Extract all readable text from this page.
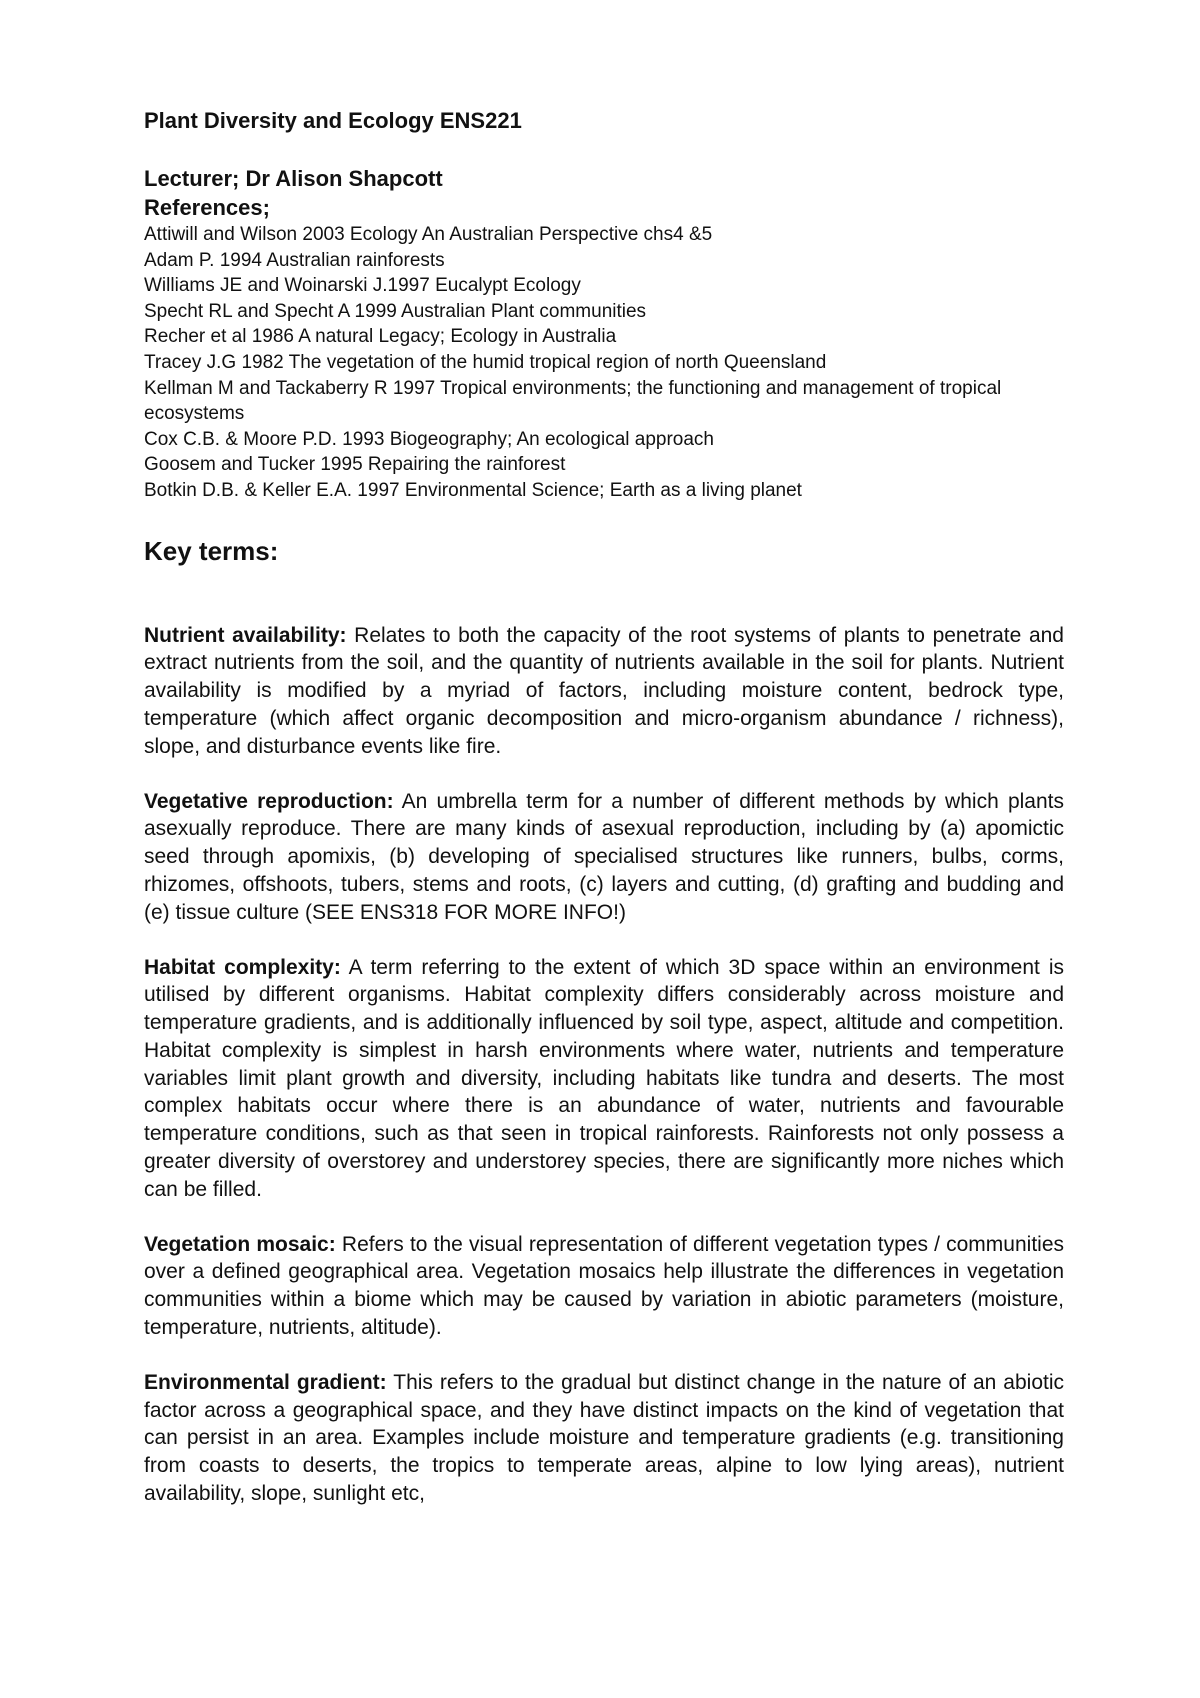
Plant Diversity and Ecology ENS221
Lecturer; Dr Alison Shapcott
References;
Attiwill and Wilson 2003 Ecology An Australian Perspective chs4 &5
Adam P. 1994 Australian rainforests
Williams JE and Woinarski J.1997 Eucalypt Ecology
Specht RL and Specht A 1999 Australian Plant communities
Recher et al 1986 A natural Legacy; Ecology in Australia
Tracey J.G 1982 The vegetation of the humid tropical region of north Queensland
Kellman M and Tackaberry R 1997 Tropical environments; the functioning and management of tropical ecosystems
Cox C.B. & Moore P.D. 1993 Biogeography; An ecological approach
Goosem and Tucker 1995 Repairing the rainforest
Botkin D.B. & Keller E.A. 1997 Environmental Science; Earth as a living planet
Key terms:

Nutrient availability: Relates to both the capacity of the root systems of plants to penetrate and extract nutrients from the soil, and the quantity of nutrients available in the soil for plants. Nutrient availability is modified by a myriad of factors, including moisture content, bedrock type, temperature (which affect organic decomposition and micro-organism abundance / richness), slope, and disturbance events like fire.

Vegetative reproduction: An umbrella term for a number of different methods by which plants asexually reproduce. There are many kinds of asexual reproduction, including by (a) apomictic seed through apomixis, (b) developing of specialised structures like runners, bulbs, corms, rhizomes, offshoots, tubers, stems and roots, (c) layers and cutting, (d) grafting and budding and (e) tissue culture (SEE ENS318 FOR MORE INFO!)

Habitat complexity: A term referring to the extent of which 3D space within an environment is utilised by different organisms. Habitat complexity differs considerably across moisture and temperature gradients, and is additionally influenced by soil type, aspect, altitude and competition. Habitat complexity is simplest in harsh environments where water, nutrients and temperature variables limit plant growth and diversity, including habitats like tundra and deserts. The most complex habitats occur where there is an abundance of water, nutrients and favourable temperature conditions, such as that seen in tropical rainforests. Rainforests not only possess a greater diversity of overstorey and understorey species, there are significantly more niches which can be filled.

Vegetation mosaic: Refers to the visual representation of different vegetation types / communities over a defined geographical area. Vegetation mosaics help illustrate the differences in vegetation communities within a biome which may be caused by variation in abiotic parameters (moisture, temperature, nutrients, altitude).

Environmental gradient: This refers to the gradual but distinct change in the nature of an abiotic factor across a geographical space, and they have distinct impacts on the kind of vegetation that can persist in an area. Examples include moisture and temperature gradients (e.g. transitioning from coasts to deserts, the tropics to temperate areas, alpine to low lying areas), nutrient availability, slope, sunlight etc,
